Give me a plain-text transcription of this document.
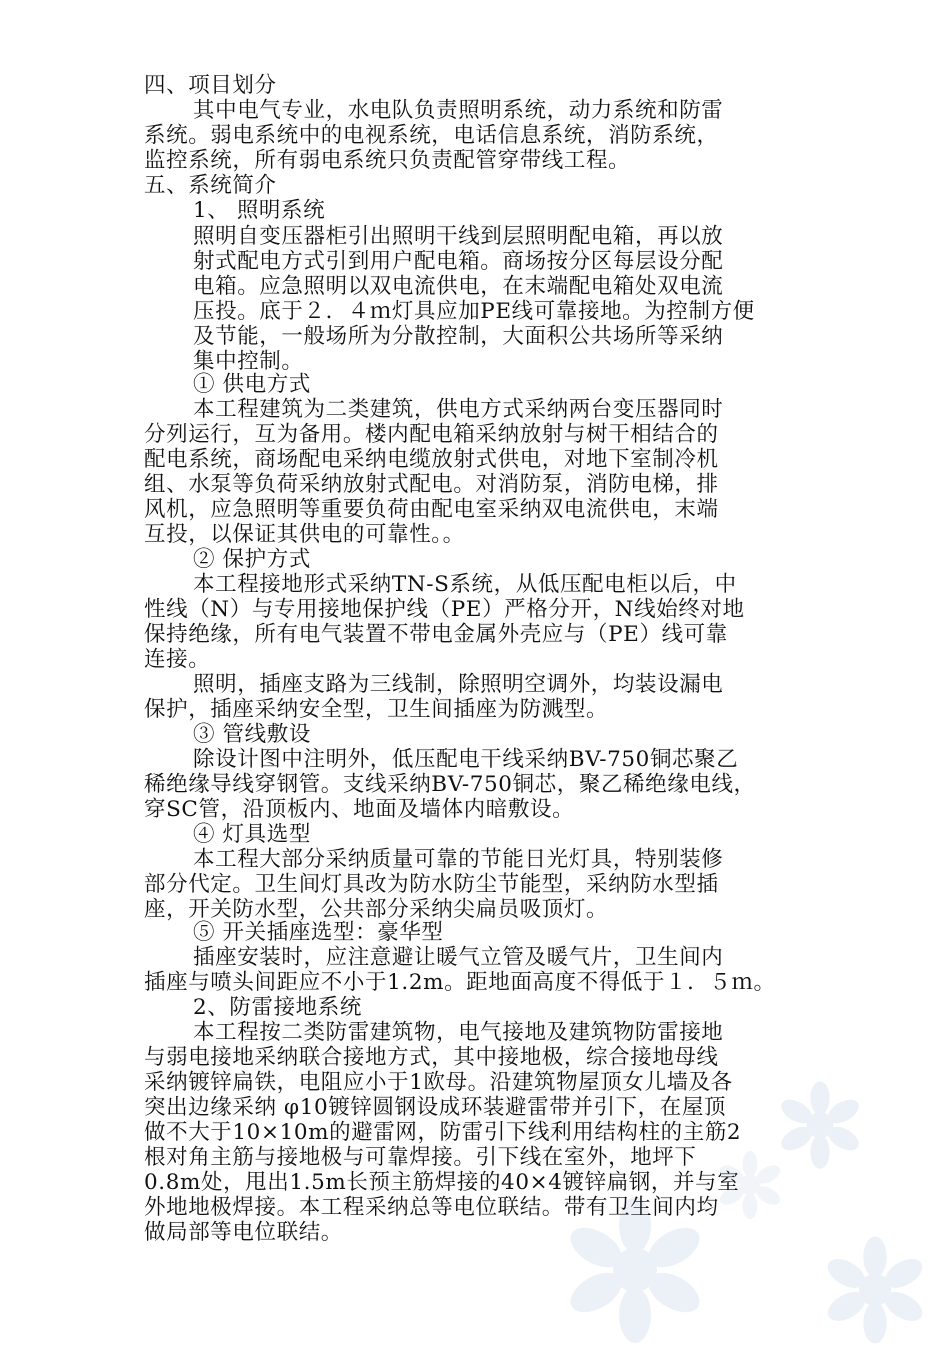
四、项目划分
其中电气专业，水电队负责照明系统，动力系统和防雷
系统。弱电系统中的电视系统，电话信息系统，消防系统，
监控系统，所有弱电系统只负责配管穿带线工程。
五、系统简介
1、 照明系统
照明自变压器柜引出照明干线到层照明配电箱，再以放
射式配电方式引到用户配电箱。商场按分区每层设分配
电箱。应急照明以双电流供电，在末端配电箱处双电流
压投。底于２．４ｍ灯具应加PE线可靠接地。为控制方便
及节能，一般场所为分散控制，大面积公共场所等采纳
集中控制。
① 供电方式
本工程建筑为二类建筑，供电方式采纳两台变压器同时
分列运行，互为备用。楼内配电箱采纳放射与树干相结合的
配电系统，商场配电采纳电缆放射式供电，对地下室制冷机
组、水泵等负荷采纳放射式配电。对消防泵，消防电梯，排
风机，应急照明等重要负荷由配电室采纳双电流供电，末端
互投，以保证其供电的可靠性。。
② 保护方式
本工程接地形式采纳TN-S系统，从低压配电柜以后，中
性线（N）与专用接地保护线（PE）严格分开，N线始终对地
保持绝缘，所有电气装置不带电金属外壳应与（PE）线可靠
连接。
照明，插座支路为三线制，除照明空调外，均装设漏电
保护，插座采纳安全型，卫生间插座为防溅型。
③ 管线敷设
除设计图中注明外，低压配电干线采纳BV-750铜芯聚乙
稀绝缘导线穿钢管。支线采纳BV-750铜芯，聚乙稀绝缘电线，
穿SC管，沿顶板内、地面及墙体内暗敷设。
④ 灯具选型
本工程大部分采纳质量可靠的节能日光灯具，特别装修
部分代定。卫生间灯具改为防水防尘节能型，采纳防水型插
座，开关防水型，公共部分采纳尖扁员吸顶灯。
⑤ 开关插座选型：豪华型
插座安装时，应注意避让暖气立管及暖气片，卫生间内
插座与喷头间距应不小于1.2m。距地面高度不得低于１．５ｍ。
2、防雷接地系统
本工程按二类防雷建筑物，电气接地及建筑物防雷接地
与弱电接地采纳联合接地方式，其中接地极，综合接地母线
采纳镀锌扁铁，电阻应小于1欧母。沿建筑物屋顶女儿墙及各
突出边缘采纳 φ10镀锌圆钢设成环装避雷带并引下，在屋顶
做不大于10×10m的避雷网，防雷引下线利用结构柱的主筋2
根对角主筋与接地极与可靠焊接。引下线在室外，地坪下
0.8m处，甩出1.5m长预主筋焊接的40×4镀锌扁钢，并与室
外地地极焊接。本工程采纳总等电位联结。带有卫生间内均
做局部等电位联结。
